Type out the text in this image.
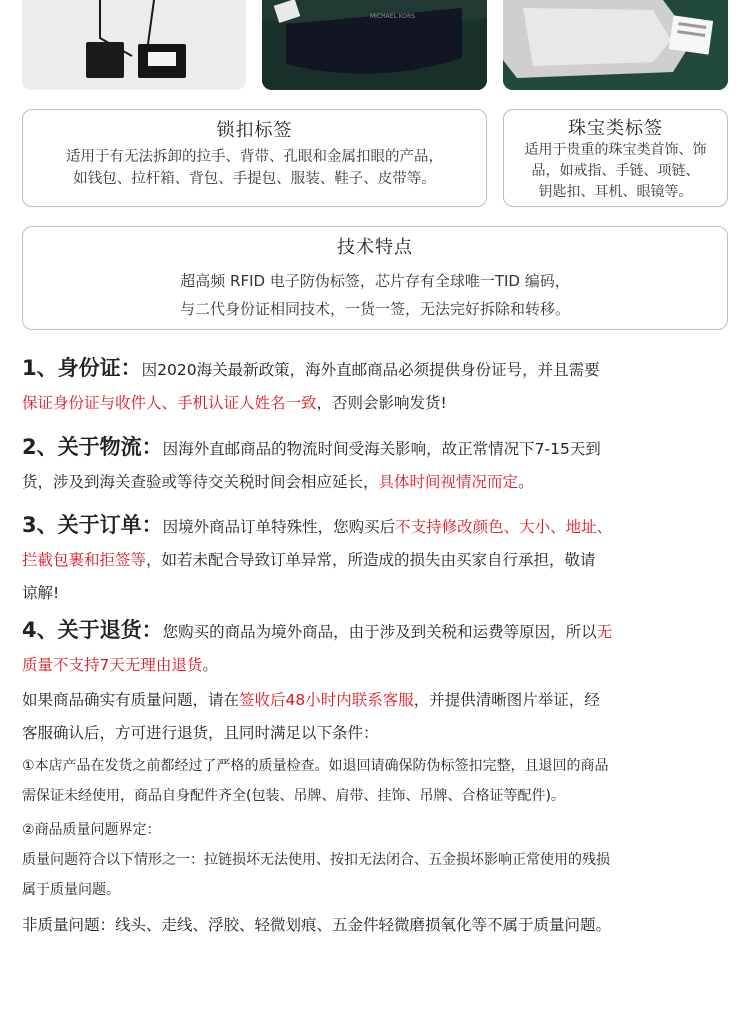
MICHAEL KORS
锁扣标签
适用于有无法拆卸的拉手、背带、孔眼和金属扣眼的产品，
如钱包、拉杆箱、背包、手提包、服装、鞋子、皮带等。
珠宝类标签
适用于贵重的珠宝类首饰、饰
品，如戒指、手链、项链、
钥匙扣、耳机、眼镜等。
技术特点
超高频 RFID 电子防伪标签，芯片存有全球唯一TID 编码，
与二代身份证相同技术，一货一签，无法完好拆除和转移。
1、身份证：因2020海关最新政策，海外直邮商品必须提供身份证号，并且需要
保证身份证与收件人、手机认证人姓名一致，否则会影响发货!
2、关于物流：因海外直邮商品的物流时间受海关影响，故正常情况下7-15天到
货，涉及到海关查验或等待交关税时间会相应延长，具体时间视情况而定。
3、关于订单：因境外商品订单特殊性，您购买后不支持修改颜色、大小、地址、
拦截包裹和拒签等，如若未配合导致订单异常，所造成的损失由买家自行承担，敬请
谅解!
4、关于退货：您购买的商品为境外商品，由于涉及到关税和运费等原因，所以无
质量不支持7天无理由退货。
如果商品确实有质量问题，请在签收后48小时内联系客服，并提供清晰图片举证，经
客服确认后，方可进行退货，且同时满足以下条件：
①本店产品在发货之前都经过了严格的质量检查。如退回请确保防伪标签扣完整，且退回的商品
需保证未经使用，商品自身配件齐全(包装、吊牌、肩带、挂饰、吊牌、合格证等配件)。
②商品质量问题界定：
质量问题符合以下情形之一：拉链损坏无法使用、按扣无法闭合、五金损坏影响正常使用的残损
属于质量问题。
非质量问题：线头、走线、浮胶、轻微划痕、五金件轻微磨损氧化等不属于质量问题。
